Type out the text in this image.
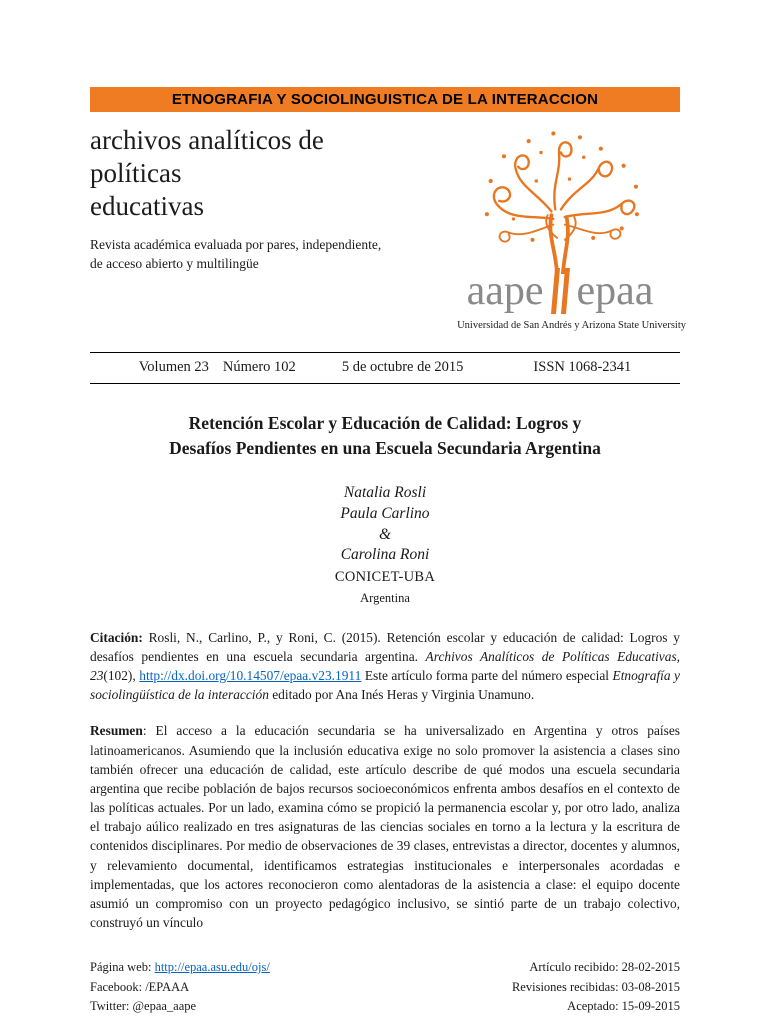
ETNOGRAFIA Y SOCIOLINGUISTICA DE LA INTERACCION
archivos analíticos de políticas
educativas
Revista académica evaluada por pares, independiente,
de acceso abierto y multilingüe
aape epaa
Universidad de San Andrés y Arizona State University
Volumen 23 Número 102	5 de octubre de 2015	ISSN 1068-2341
Retención Escolar y Educación de Calidad: Logros y
Desafíos Pendientes en una Escuela Secundaria Argentina
Natalia Rosli
Paula Carlino
&
Carolina Roni
CONICET-UBA
Argentina

Citación: Rosli, N., Carlino, P., y Roni, C. (2015). Retención escolar y educación de calidad: Logros y desafíos pendientes en una escuela secundaria argentina. Archivos Analíticos de Políticas Educativas, 23(102), http://dx.doi.org/10.14507/epaa.v23.1911 Este artículo forma parte del número especial Etnografía y sociolingüística de la interacción editado por Ana Inés Heras y Virginia Unamuno.

Resumen: El acceso a la educación secundaria se ha universalizado en Argentina y otros países latinoamericanos. Asumiendo que la inclusión educativa exige no solo promover la asistencia a clases sino también ofrecer una educación de calidad, este artículo describe de qué modos una escuela secundaria argentina que recibe población de bajos recursos socioeconómicos enfrenta ambos desafíos en el contexto de las políticas actuales. Por un lado, examina cómo se propició la permanencia escolar y, por otro lado, analiza el trabajo aúlico realizado en tres asignaturas de las ciencias sociales en torno a la lectura y la escritura de contenidos disciplinares. Por medio de observaciones de 39 clases, entrevistas a director, docentes y alumnos, y relevamiento documental, identificamos estrategias institucionales e interpersonales acordadas e implementadas, que los actores reconocieron como alentadoras de la asistencia a clase: el equipo docente asumió un compromiso con un proyecto pedagógico inclusivo, se sintió parte de un trabajo colectivo, construyó un vínculo

Página web: http://epaa.asu.edu/ojs/
Facebook: /EPAAA
Twitter: @epaa_aape
Artículo recibido: 28-02-2015
Revisiones recibidas: 03-08-2015
Aceptado: 15-09-2015
